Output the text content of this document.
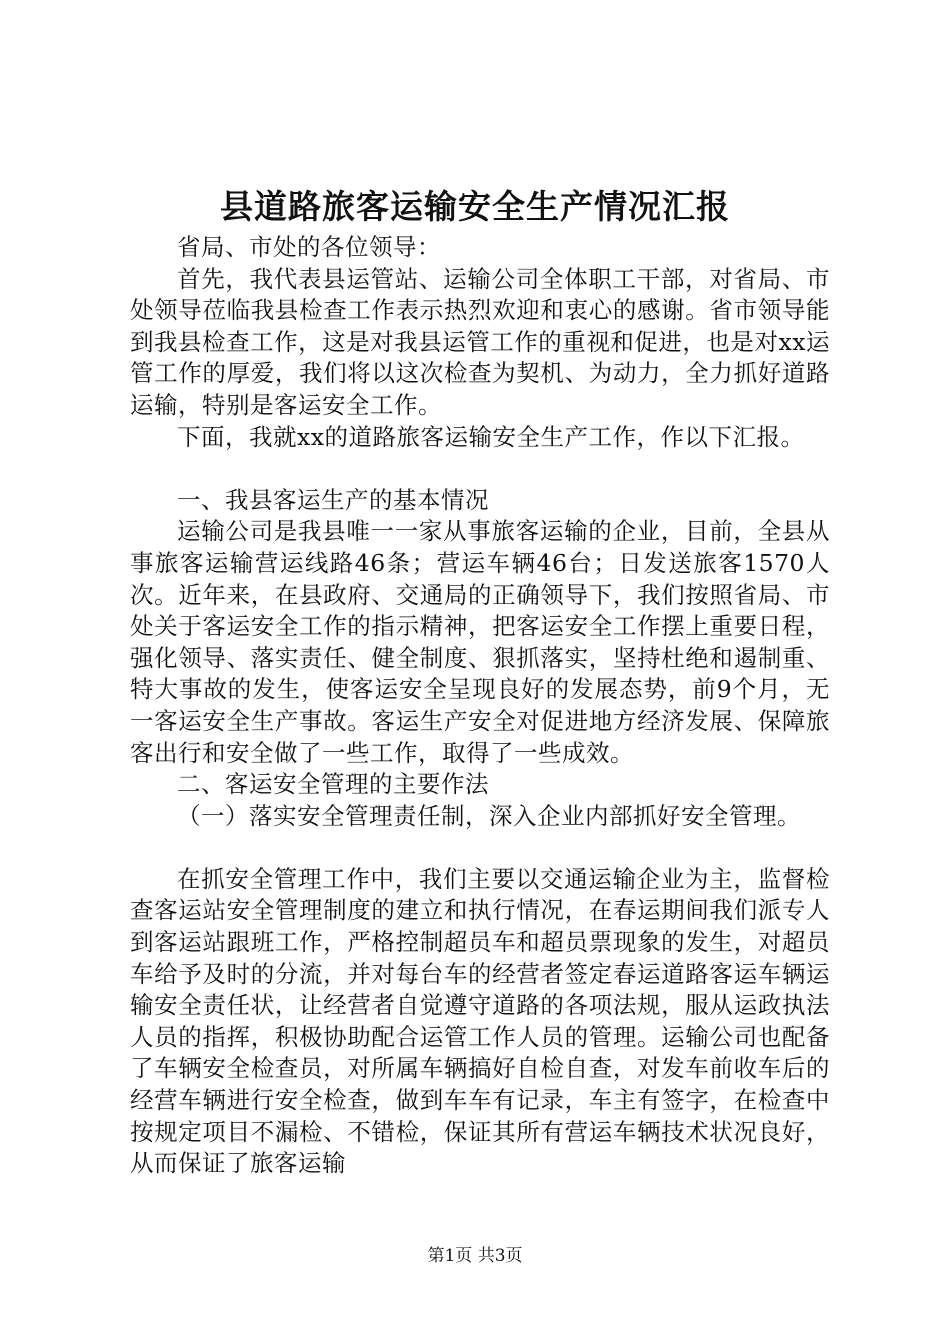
县道路旅客运输安全生产情况汇报

省局、市处的各位领导：

首先，我代表县运管站、运输公司全体职工干部，对省局、市处领导莅临我县检查工作表示热烈欢迎和衷心的感谢。省市领导能到我县检查工作，这是对我县运管工作的重视和促进，也是对xx运管工作的厚爱，我们将以这次检查为契机、为动力，全力抓好道路运输，特别是客运安全工作。

下面，我就xx的道路旅客运输安全生产工作，作以下汇报。

一、我县客运生产的基本情况

运输公司是我县唯一一家从事旅客运输的企业，目前，全县从事旅客运输营运线路46条；营运车辆46台；日发送旅客1570人次。近年来，在县政府、交通局的正确领导下，我们按照省局、市处关于客运安全工作的指示精神，把客运安全工作摆上重要日程，强化领导、落实责任、健全制度、狠抓落实，坚持杜绝和遏制重、特大事故的发生，使客运安全呈现良好的发展态势，前9个月，无一客运安全生产事故。客运生产安全对促进地方经济发展、保障旅客出行和安全做了一些工作，取得了一些成效。

二、客运安全管理的主要作法

（一）落实安全管理责任制，深入企业内部抓好安全管理。

在抓安全管理工作中，我们主要以交通运输企业为主，监督检查客运站安全管理制度的建立和执行情况，在春运期间我们派专人到客运站跟班工作，严格控制超员车和超员票现象的发生，对超员车给予及时的分流，并对每台车的经营者签定春运道路客运车辆运输安全责任状，让经营者自觉遵守道路的各项法规，服从运政执法人员的指挥，积极协助配合运管工作人员的管理。运输公司也配备了车辆安全检查员，对所属车辆搞好自检自查，对发车前收车后的经营车辆进行安全检查，做到车车有记录，车主有签字，在检查中按规定项目不漏检、不错检，保证其所有营运车辆技术状况良好，从而保证了旅客运输

第1页 共3页
